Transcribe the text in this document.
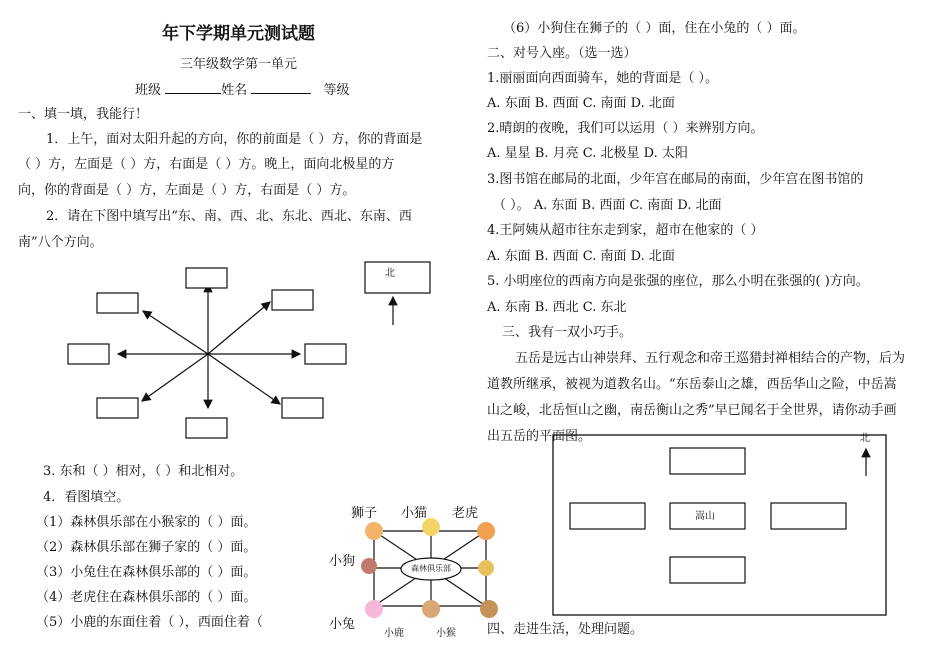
年下学期单元测试题
三年级数学第一单元
班级	姓名	等级
一、填一填，我能行！
1．上午，面对太阳升起的方向，你的前面是（ ）方，你的背面是
（ ）方，左面是（ ）方，右面是（ ）方。晚上，面向北极星的方
向，你的背面是（ ）方，左面是（ ）方，右面是（ ）方。
2．请在下图中填写出“东、南、西、北、东北、西北、东南、西
南”八个方向。
北
3. 东和（ ）相对，（ ）和北相对。
4．看图填空。
（1）森林俱乐部在小猴家的（ ）面。
（2）森林俱乐部在狮子家的（ ）面。
（3）小兔住在森林俱乐部的（ ）面。
（4）老虎住在森林俱乐部的（ ）面。
（5）小鹿的东面住着（ ），西面住着（
狮子 小猫 老虎
小狗
小兔
小鹿	小猴
森林俱乐部
（6）小狗住在狮子的（ ）面，住在小兔的（ ）面。
二、对号入座。（选一选）
1.丽丽面向西面骑车，她的背面是（ ）。
A. 东面 B. 西面 C. 南面 D. 北面
2.晴朗的夜晚，我们可以运用（ ）来辨别方向。
A. 星星 B. 月亮 C. 北极星 D. 太阳
3.图书馆在邮局的北面，少年宫在邮局的南面，少年宫在图书馆的
（ ）。 A. 东面 B. 西面 C. 南面 D. 北面
4.王阿姨从超市往东走到家，超市在他家的（ ）
A. 东面 B. 西面 C. 南面 D. 北面
5. 小明座位的西南方向是张强的座位，那么小明在张强的( )方向。
A. 东南 B. 西北 C. 东北
三、我有一双小巧手。
五岳是远古山神崇拜、五行观念和帝王巡猎封禅相结合的产物，后为
道教所继承，被视为道教名山。“东岳泰山之雄，西岳华山之险，中岳嵩
山之峻，北岳恒山之幽，南岳衡山之秀”早已闻名于全世界，请你动手画
出五岳的平面图。	北
嵩山
四、走进生活，处理问题。
